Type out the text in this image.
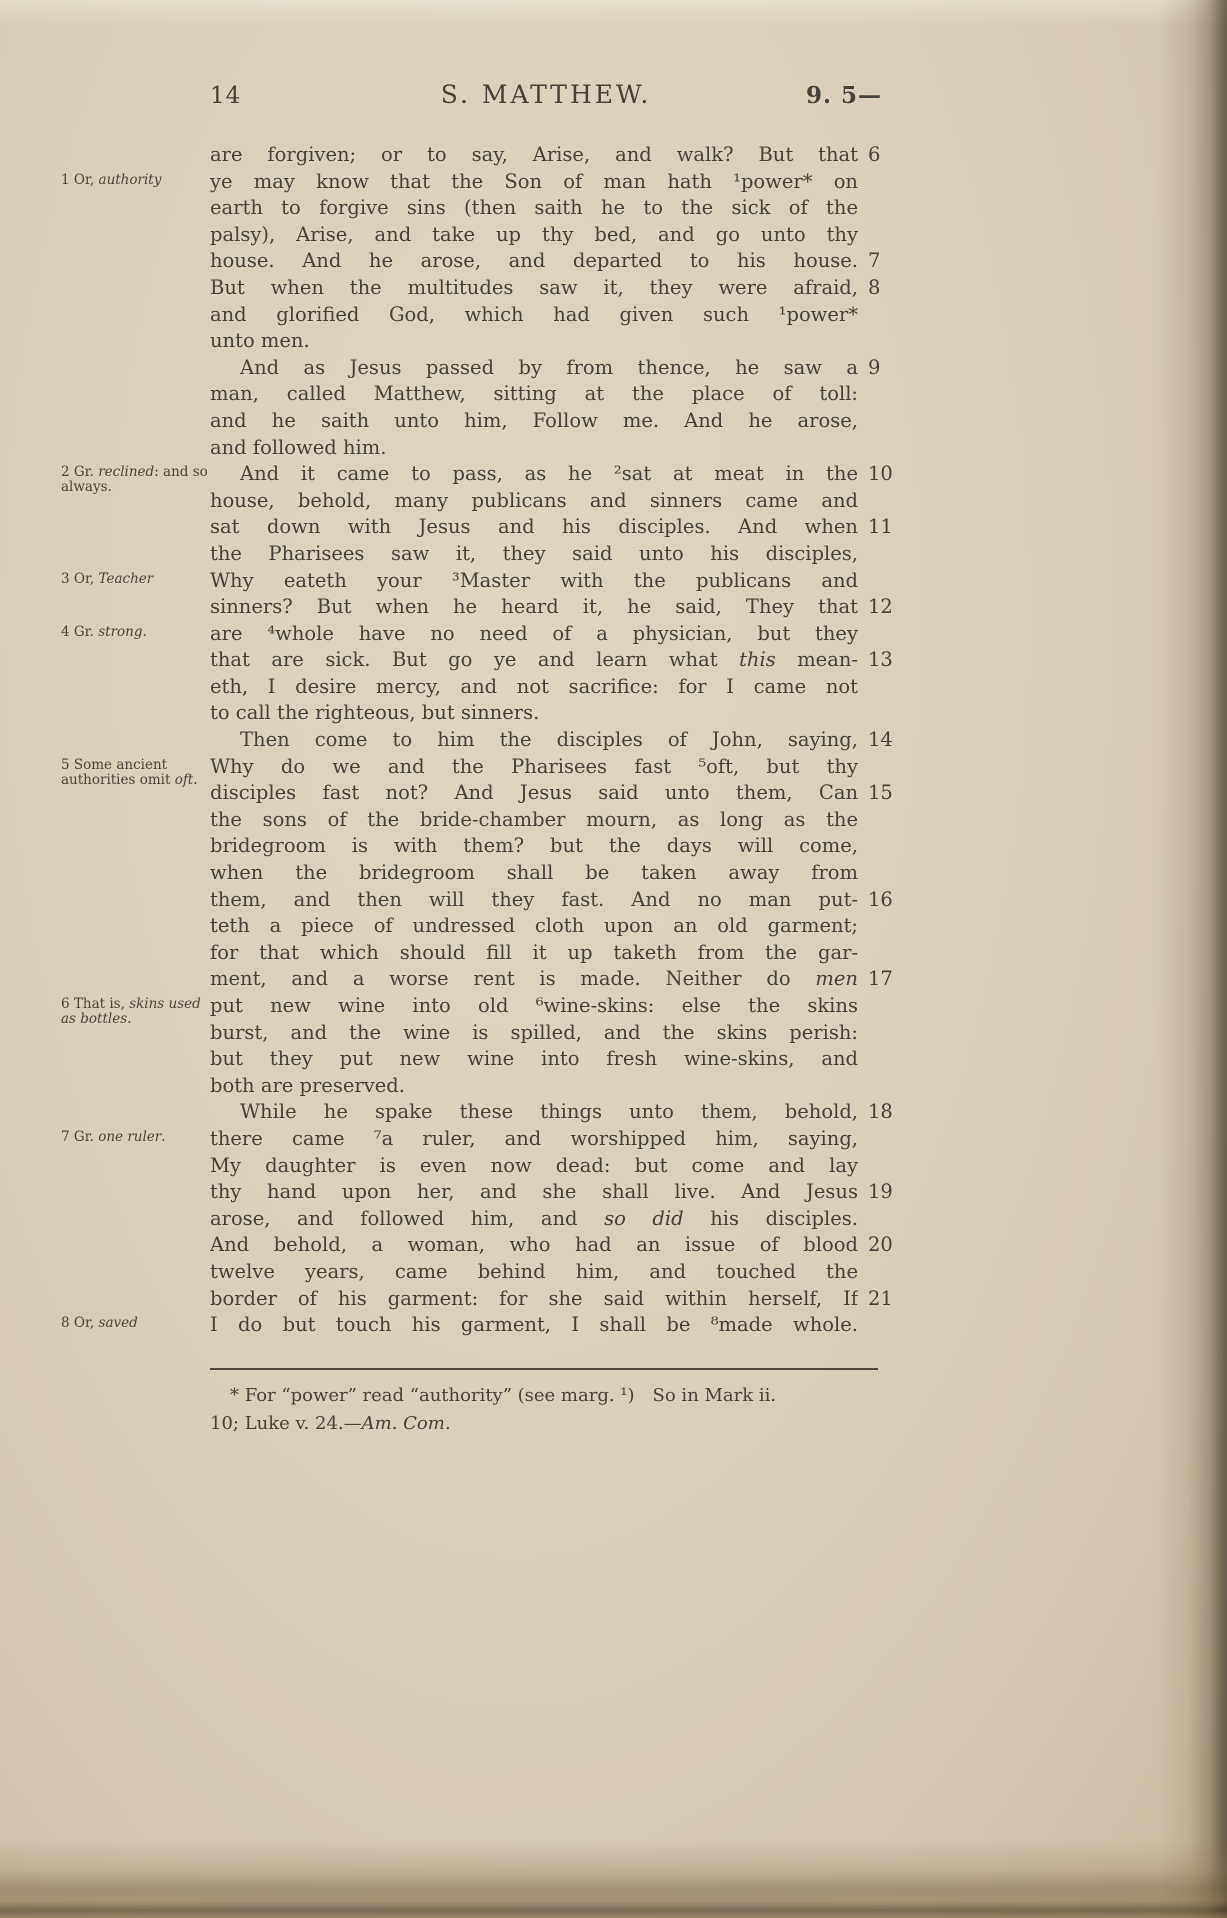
14	S. MATTHEW.	9. 5—
are forgiven; or to say, Arise, and walk? But that 6
1 Or, authority	ye may know that the Son of man hath ¹power* on
earth to forgive sins (then saith he to the sick of the
palsy), Arise, and take up thy bed, and go unto thy
house. And he arose, and departed to his house. 7
But when the multitudes saw it, they were afraid, 8
and glorified God, which had given such ¹power*
unto men.
And as Jesus passed by from thence, he saw a 9
man, called Matthew, sitting at the place of toll:
and he saith unto him, Follow me. And he arose,
and followed him.
2 Gr. reclined: and so always.
And it came to pass, as he ²sat at meat in the 10
house, behold, many publicans and sinners came and
sat down with Jesus and his disciples. And when 11
the Pharisees saw it, they said unto his disciples,
3 Or, Teacher	Why eateth your ³Master with the publicans and
sinners? But when he heard it, he said, They that 12
4 Gr. strong.	are ⁴whole have no need of a physician, but they
that are sick. But go ye and learn what this mean- 13
eth, I desire mercy, and not sacrifice: for I came not
to call the righteous, but sinners.
Then come to him the disciples of John, saying, 14
5 Some ancient authorities omit oft.
Why do we and the Pharisees fast ⁵oft, but thy
disciples fast not? And Jesus said unto them, Can 15
the sons of the bride-chamber mourn, as long as the
bridegroom is with them? but the days will come,
when the bridegroom shall be taken away from
them, and then will they fast. And no man put- 16
teth a piece of undressed cloth upon an old garment;
for that which should fill it up taketh from the gar-
ment, and a worse rent is made. Neither do men 17
6 That is, skins used as bottles.
put new wine into old ⁶wine-skins: else the skins
burst, and the wine is spilled, and the skins perish:
but they put new wine into fresh wine-skins, and
both are preserved.
While he spake these things unto them, behold, 18
7 Gr. one ruler.	there came ⁷a ruler, and worshipped him, saying,
My daughter is even now dead: but come and lay
thy hand upon her, and she shall live. And Jesus 19
arose, and followed him, and so did his disciples.
And behold, a woman, who had an issue of blood 20
twelve years, came behind him, and touched the
border of his garment: for she said within herself, If 21
8 Or, saved	I do but touch his garment, I shall be ⁸made whole.
* For “power” read “authority” (see marg. ¹) So in Mark ii.
10; Luke v. 24.—Am. Com.
